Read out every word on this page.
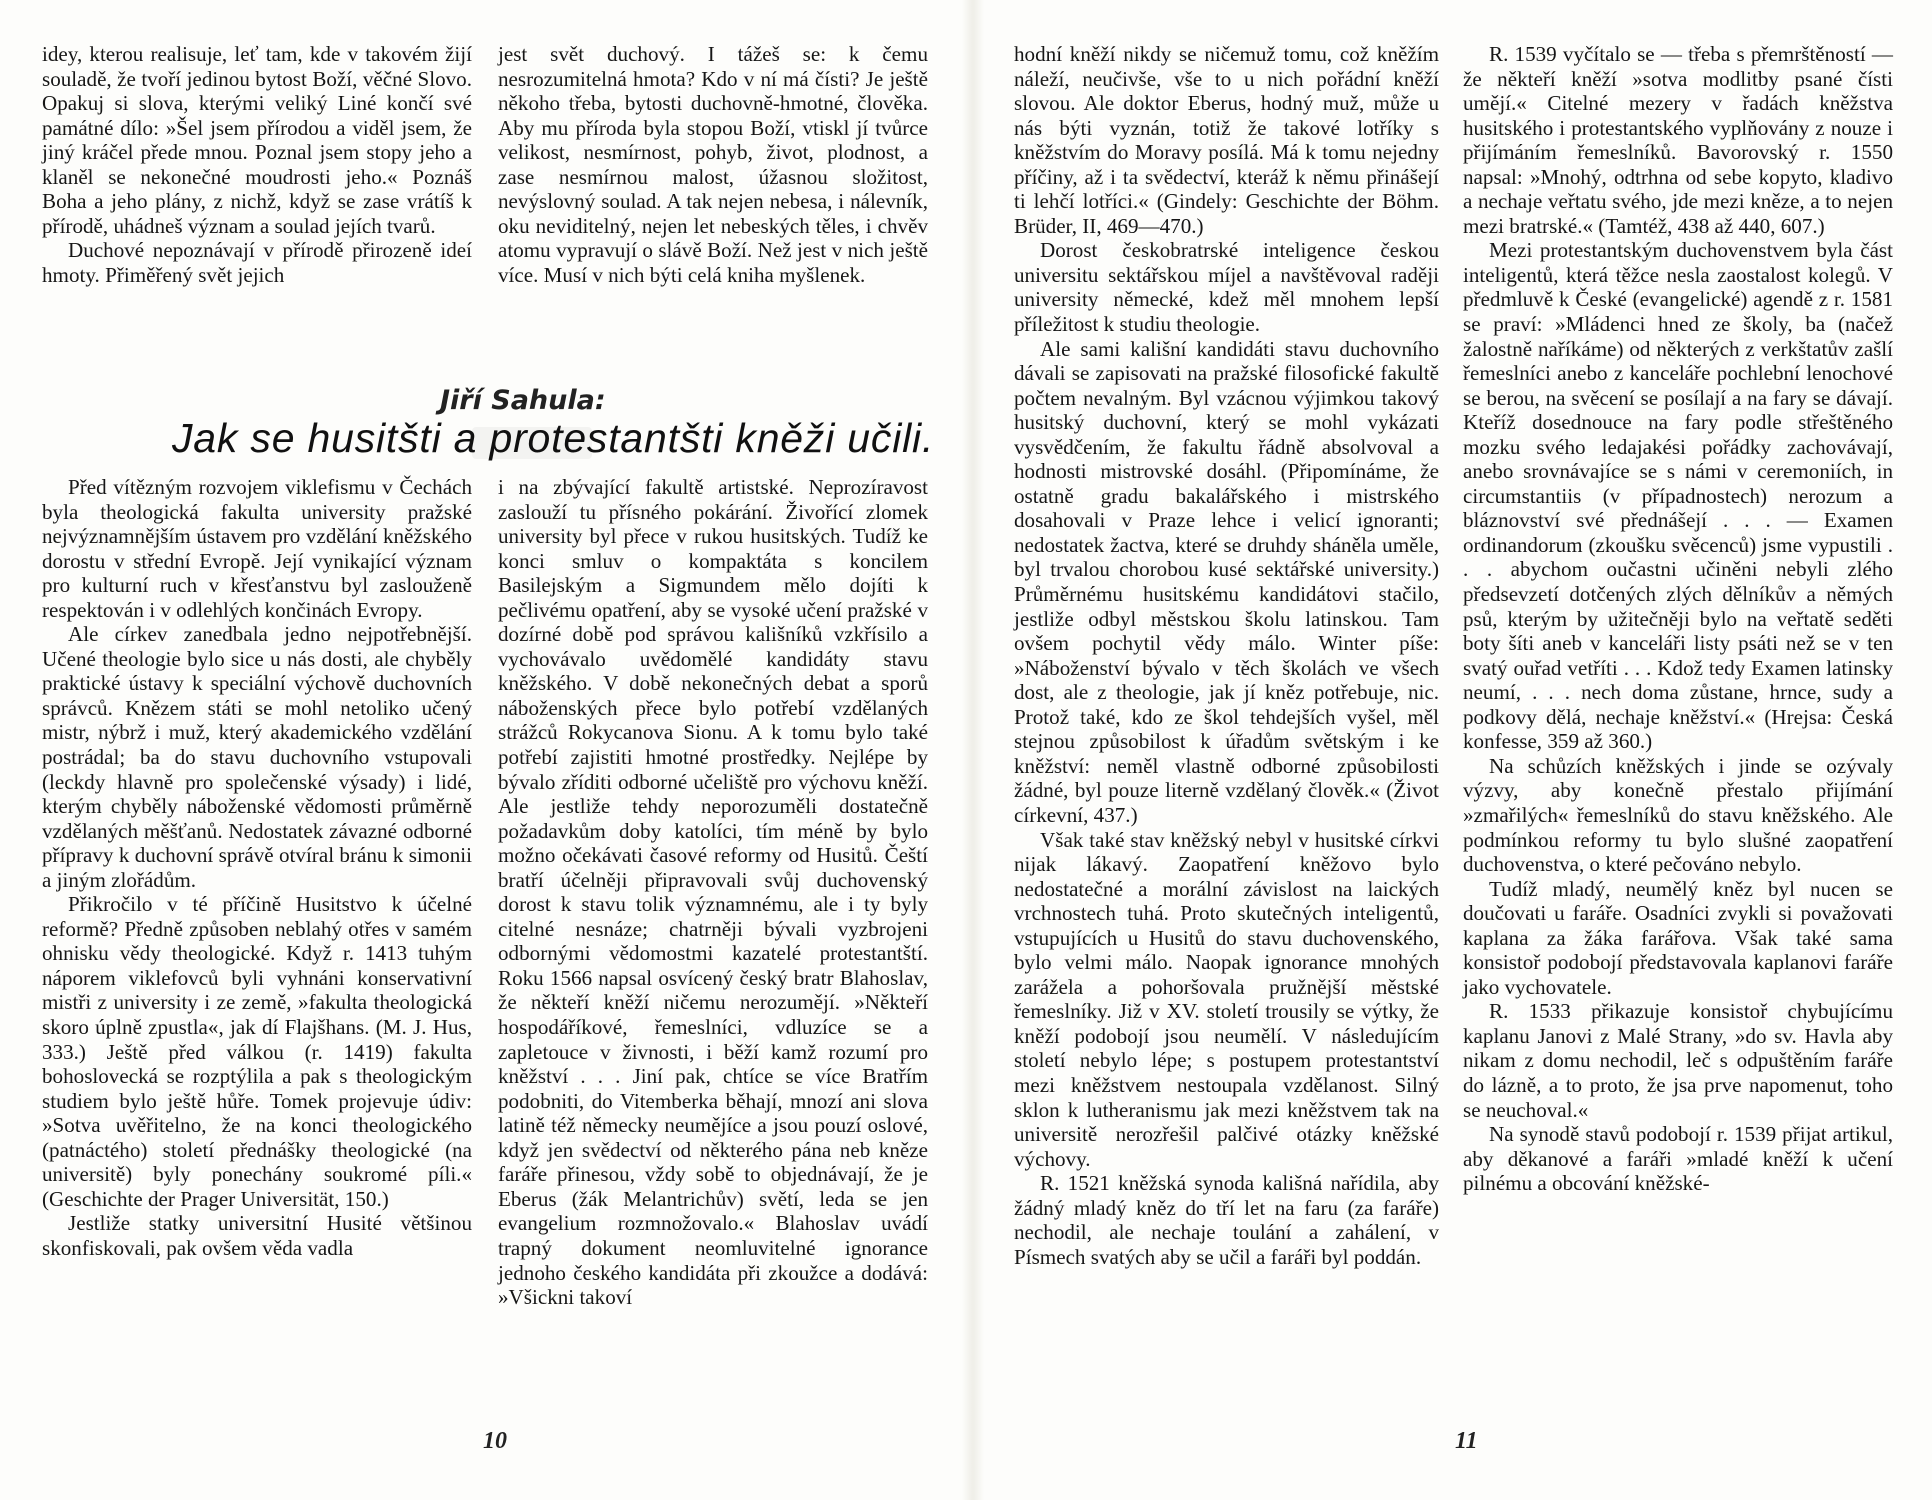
idey, kterou realisuje, leť tam, kde v takovém žijí souladě, že tvoří jedinou bytost Boží, věčné Slovo. Opakuj si slova, kterými veliký Liné končí své památné dílo: »Šel jsem přírodou a viděl jsem, že jiný kráčel přede mnou. Poznal jsem stopy jeho a klaněl se nekonečné moudrosti jeho.« Poznáš Boha a jeho plány, z nichž, když se zase vrátíš k přírodě, uhádneš význam a soulad jejích tvarů.

Duchové nepoznávají v přírodě přirozeně ideí hmoty. Přiměřený svět jejich

jest svět duchový. I tážeš se: k čemu nesrozumitelná hmota? Kdo v ní má čísti? Je ještě někoho třeba, bytosti duchovně-hmotné, člověka. Aby mu příroda byla stopou Boží, vtiskl jí tvůrce velikost, nesmírnost, pohyb, život, plodnost, a zase nesmírnou malost, úžasnou složitost, nevýslovný soulad. A tak nejen nebesa, i nálevník, oku neviditelný, nejen let nebeských těles, i chvěv atomu vypravují o slávě Boží. Než jest v nich ještě více. Musí v nich býti celá kniha myšlenek.

Jiří Sahula:
Jak se husitšti a protestantšti kněži učili.

Před vítězným rozvojem viklefismu v Čechách byla theologická fakulta university pražské nejvýznamnějším ústavem pro vzdělání kněžského dorostu v střední Evropě. Její vynikající význam pro kulturní ruch v křesťanstvu byl zaslouženě respektován i v odlehlých končinách Evropy.

Ale církev zanedbala jedno nejpotřebnější. Učené theologie bylo sice u nás dosti, ale chyběly praktické ústavy k speciální výchově duchovních správců. Knězem státi se mohl netoliko učený mistr, nýbrž i muž, který akademického vzdělání postrádal; ba do stavu duchovního vstupovali (leckdy hlavně pro společenské výsady) i lidé, kterým chyběly náboženské vědomosti průměrně vzdělaných měšťanů. Nedostatek závazné odborné přípravy k duchovní správě otvíral bránu k simonii a jiným zlořádům.

Přikročilo v té příčině Husitstvo k účelné reformě? Předně způsoben neblahý otřes v samém ohnisku vědy theologické. Když r. 1413 tuhým náporem viklefovců byli vyhnáni konservativní mistři z university i ze země, »fakulta theologická skoro úplně zpustla«, jak dí Flajšhans. (M. J. Hus, 333.) Ještě před válkou (r. 1419) fakulta bohoslovecká se rozptýlila a pak s theologickým studiem bylo ještě hůře. Tomek projevuje údiv: »Sotva uvěřitelno, že na konci theologického (patnáctého) století přednášky theologické (na universitě) byly ponechány soukromé píli.« (Geschichte der Prager Universität, 150.)

Jestliže statky universitní Husité většinou skonfiskovali, pak ovšem věda vadla

i na zbývající fakultě artistské. Neprozíravost zaslouží tu přísného pokárání. Živořící zlomek university byl přece v rukou husitských. Tudíž ke konci smluv o kompaktáta s koncilem Basilejským a Sigmundem mělo dojíti k pečlivému opatření, aby se vysoké učení pražské v dozírné době pod správou kališníků vzkřísilo a vychovávalo uvědomělé kandidáty stavu kněžského. V době nekonečných debat a sporů náboženských přece bylo potřebí vzdělaných strážců Rokycanova Sionu. A k tomu bylo také potřebí zajistiti hmotné prostředky. Nejlépe by bývalo zříditi odborné učeliště pro výchovu kněží. Ale jestliže tehdy neporozuměli dostatečně požadavkům doby katolíci, tím méně by bylo možno očekávati časové reformy od Husitů. Čeští bratří účelněji připravovali svůj duchovenský dorost k stavu tolik významnému, ale i ty byly citelné nesnáze; chatrněji bývali vyzbrojeni odbornými vědomostmi kazatelé protestantští. Roku 1566 napsal osvícený český bratr Blahoslav, že někteří kněží ničemu nerozumějí. »Někteří hospodáříkové, řemeslníci, vdluzíce se a zapletouce v živnosti, i běží kamž rozumí pro kněžství . . . Jiní pak, chtíce se více Bratřím podobniti, do Vitemberka běhají, mnozí ani slova latině též německy neumějíce a jsou pouzí oslové, když jen svědectví od některého pána neb kněze faráře přinesou, vždy sobě to objednávají, že je Eberus (žák Melantrichův) světí, leda se jen evangelium rozmnožovalo.« Blahoslav uvádí trapný dokument neomluvitelné ignorance jednoho českého kandidáta při zkoužce a dodává: »Všickni takoví

10

hodní kněží nikdy se ničemuž tomu, což kněžím náleží, neučivše, vše to u nich pořádní kněží slovou. Ale doktor Eberus, hodný muž, může u nás býti vyznán, totiž že takové lotříky s kněžstvím do Moravy posílá. Má k tomu nejedny příčiny, až i ta svědectví, kteráž k němu přinášejí ti lehčí lotříci.« (Gindely: Geschichte der Böhm. Brüder, II, 469—470.)

Dorost českobratrské inteligence českou universitu sektářskou míjel a navštěvoval raději university německé, kdež měl mnohem lepší příležitost k studiu theologie.

Ale sami kališní kandidáti stavu duchovního dávali se zapisovati na pražské filosofické fakultě počtem nevalným. Byl vzácnou výjimkou takový husitský duchovní, který se mohl vykázati vysvědčením, že fakultu řádně absolvoval a hodnosti mistrovské dosáhl. (Připomínáme, že ostatně gradu bakalářského i mistrského dosahovali v Praze lehce i velicí ignoranti; nedostatek žactva, které se druhdy sháněla uměle, byl trvalou chorobou kusé sektářské university.) Průměrnému husitskému kandidátovi stačilo, jestliže odbyl městskou školu latinskou. Tam ovšem pochytil vědy málo. Winter píše: »Náboženství bývalo v těch školách ve všech dost, ale z theologie, jak jí kněz potřebuje, nic. Protož také, kdo ze škol tehdejších vyšel, měl stejnou způsobilost k úřadům světským i ke kněžství: neměl vlastně odborné způsobilosti žádné, byl pouze literně vzdělaný člověk.« (Život církevní, 437.)

Však také stav kněžský nebyl v husitské církvi nijak lákavý. Zaopatření kněžovo bylo nedostatečné a morální závislost na laických vrchnostech tuhá. Proto skutečných inteligentů, vstupujících u Husitů do stavu duchovenského, bylo velmi málo. Naopak ignorance mnohých zarážela a pohoršovala pružnější městské řemeslníky. Již v XV. století trousily se výtky, že kněží podobojí jsou neumělí. V následujícím století nebylo lépe; s postupem protestantství mezi kněžstvem nestoupala vzdělanost. Silný sklon k lutheranismu jak mezi kněžstvem tak na universitě nerozřešil palčivé otázky kněžské výchovy.

R. 1521 kněžská synoda kališná nařídila, aby žádný mladý kněz do tří let na faru (za faráře) nechodil, ale nechaje toulání a zahálení, v Písmech svatých aby se učil a faráři byl poddán.

R. 1539 vyčítalo se — třeba s přemrštěností — že někteří kněží »sotva modlitby psané čísti umějí.« Citelné mezery v řadách kněžstva husitského i protestantského vyplňovány z nouze i přijímáním řemeslníků. Bavorovský r. 1550 napsal: »Mnohý, odtrhna od sebe kopyto, kladivo a nechaje veřtatu svého, jde mezi kněze, a to nejen mezi bratrské.« (Tamtéž, 438 až 440, 607.)

Mezi protestantským duchovenstvem byla část inteligentů, která těžce nesla zaostalost kolegů. V předmluvě k České (evangelické) agendě z r. 1581 se praví: »Mládenci hned ze školy, ba (načež žalostně naříkáme) od některých z verkštatův zašlí řemeslníci anebo z kanceláře pochlební lenochové se berou, na svěcení se posílají a na fary se dávají. Kteříž dosednouce na fary podle střeštěného mozku svého ledajakési pořádky zachovávají, anebo srovnávajíce se s námi v ceremoniích, in circumstantiis (v případnostech) nerozum a bláznovství své přednášejí . . . — Examen ordinandorum (zkoušku svěcenců) jsme vypustili . . . abychom oučastni učiněni nebyli zlého předsevzetí dotčených zlých dělníkův a němých psů, kterým by užitečněji bylo na veřtatě seděti boty šíti aneb v kanceláři listy psáti než se v ten svatý ouřad vetříti . . . Kdož tedy Examen latinsky neumí, . . . nech doma zůstane, hrnce, sudy a podkovy dělá, nechaje kněžství.« (Hrejsa: Česká konfesse, 359 až 360.)

Na schůzích kněžských i jinde se ozývaly výzvy, aby konečně přestalo přijímání »zmařilých« řemeslníků do stavu kněžského. Ale podmínkou reformy tu bylo slušné zaopatření duchovenstva, o které pečováno nebylo.

Tudíž mladý, neumělý kněz byl nucen se doučovati u faráře. Osadníci zvykli si považovati kaplana za žáka farářova. Však také sama konsistoř podobojí představovala kaplanovi faráře jako vychovatele.

R. 1533 přikazuje konsistoř chybujícímu kaplanu Janovi z Malé Strany, »do sv. Havla aby nikam z domu nechodil, leč s odpuštěním faráře do lázně, a to proto, že jsa prve napomenut, toho se neuchoval.«

Na synodě stavů podobojí r. 1539 přijat artikul, aby děkanové a faráři »mladé kněží k učení pilnému a obcování kněžské-

11
